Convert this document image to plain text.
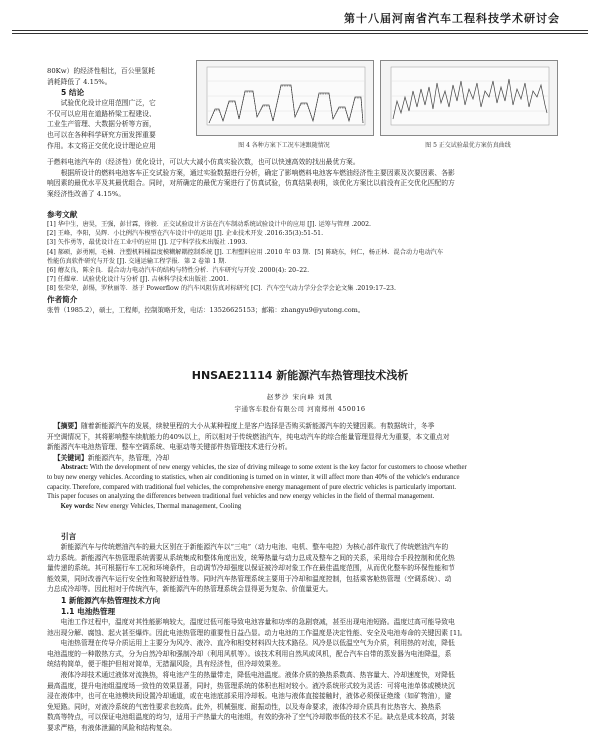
第十八届河南省汽车工程科技学术研讨会
80Kw）的经济性相比，百公里氢耗
消耗降低了 4.15%。
5 结论
试验优化设计应用范围广泛，它
不仅可以应用在道路桥梁工程建设、
工业生产管理、大数据分析等方面，
也可以在各种科学研究方面发挥重要
作用。本文将正交优化设计理论应用	图 4 各种方案下工况车速跟随情况	图 5 正交试验最优方案仿真曲线
于燃料电池汽车的（经济性）优化设计，可以大大减小仿真实验次数，也可以快速高效的找出最优方案。
根据所设计的燃料电池客车正交试验方案，通过实验数据进行分析，确定了影响燃料电池客车燃油经济性主要因素及次要因素、各影
响因素的最优水平及其最优组合。同时，对所确定的最优方案进行了仿真试验，仿真结果表明，该优化方案比以前没有正交优化匹配的方
案经济性改善了 4.15%。
参考文献
[1] 华中生，唐昊，王强，彭甘霖，徐骏．正交试验设计方法在汽车制动系统试验设计中的应用 [J]. 运筹与管理 .2002.
[2] 王峰，李阳，吴辉．小比例汽车模型在汽车设计中的运用 [J]. 企业技术开发 .2016:35(3):51-51.
[3] 矢作勇等，最优设计在工业中的应用 [J]. 辽宁科学技术出版社 .1993.
[4] 郝硕，彭勇刚，毛楠．注塑机料桶温度模糊解耦控制系统 [J]. 工程塑料应用 .2010 年 03 期．[5] 陈晓东，何仁，杨正林．混合动力电动汽车
性能仿真软件研究与开发 [J]. 交通运输工程学报．第 2 卷第 1 期．
[6] 蘑友良，陈全良．混合动力电动汽车的结构与特性分析．汽车研究与开发 .2000(4): 20–22.
[7] 任耀章．试验优化设计与分析 [J]. 吉林科学技术出版社 .2001.
[8] 张荣荣，彭惕，罗秋丽等．基于 Powerflow 的汽车风阻仿真对标研究 [C]．汽车空气动力学分会学会论文集 .2019:17–23.
作者简介
张曾（1985.2），硕士，工程师，控制策略开发，电话：13526625153；邮箱：zhangyu9@yutong.com。
HNSAE21114 新能源汽车热管理技术浅析
赵梦沙 宋向峰 刘凯
宇通客车股份有限公司 河南郑州 450016
【摘要】随着新能源汽车的发展，续驶里程的大小从某种程度上是客户选择是否购买新能源汽车的关键因素。有数据统计，冬季
开空调情况下，其将影响整车续航能力的40%以上，所以相对于传统燃油汽车，纯电动汽车的综合能量管理显得尤为重要，本文重点对
新能源汽车电池热管理、整车空调系统、电驱动等关键部件热管理技术进行分析。
【关键词】新能源汽车，热管理，冷却
Abstract: With the development of new energy vehicles, the size of driving mileage to some extent is the key factor for customers to choose whether
to buy new energy vehicles. According to statistics, when air conditioning is turned on in winter, it will affect more than 40% of the vehicle's endurance
capacity. Therefore, compared with traditional fuel vehicles, the comprehensive energy management of pure electric vehicles is particularly important.
This paper focuses on analyzing the differences between traditional fuel vehicles and new energy vehicles in the field of thermal management.
Key words: New energy Vehicles, Thermal management, Cooling
引言
新能源汽车与传统燃油汽车的最大区别在于新能源汽车以“三电”（动力电池、电机、整车电控）为核心部件取代了传统燃油汽车的
动力系统。新能源汽车热管理系统需要从系统集成和整体角度出发，统筹热量与动力总成及整车之间的关系，采用综合手段控制和优化热
量传递的系统。其可根据行车工况和环境条件，自动调节冷却强度以保证被冷却对象工作在最佳温度范围，从而优化整车的环保性能和节
能效果，同时改善汽车运行安全性和驾驶舒适性等。同时汽车热管理系统主要用于冷却和温度控制，包括乘客舱热管理（空调系统）、动
力总成冷却等。因此相对于传统汽车，新能源汽车的热管理系统会显得更为复杂、价值量更大。
1 新能源汽车热管理技术方向
1.1 电池热管理
电池工作过程中，温度对其性能影响较大，温度过低可能导致电池容量和功率的急剧衰减，甚至出现电池短路。温度过高可能导致电
池出现分解、腐蚀、起火甚至爆炸。因此电池热管理的重要性日益凸显。动力电池的工作温度是决定性能、安全及电池寿命的关键因素 [1]。
电池热管理在传导介质运用上主要分为风冷、液冷、直冷和相变材料四大技术路径。风冷是以低温空气为介质，利用热的对流，降低
电池温度的一种散热方式，分为自然冷却和强制冷却（利用风机等）。该技术利用自然风或风机，配合汽车自带的蒸发器为电池降温，系
统结构简单，便于维护但相对简单，无措漏风险，具有经济性，但冷却效果差。
液体冷却技术通过液体对流换热，将电池产生的热量带走，降低电池温度。液体介质的换热系数高、热容量大、冷却速度快，对降低
最高温度，提升电池组温度场一致性的效果显著，同时，热管理系统的体积也相对较小。液冷系统形式较为灵活：可将电池单体或模块沉
浸在液体中，也可在电池模块间设置冷却通道，或在电池底部采用冷却板。电池与液体直接接触时，液体必须保证绝缘（如矿物油），避
免短路。同时，对液冷系统的气密性要求也较高。此外，机械强度、耐振动性，以及寿命要求，液体冷却介质具有比热容大、换热系
数高等特点，可以保证电池组温度的均匀，适用于产热量大的电池组，有效的弥补了空气冷却散率低的技术不足。缺点是成本较高，封装
要求严格，有液体泄漏的风险和结构复杂。
